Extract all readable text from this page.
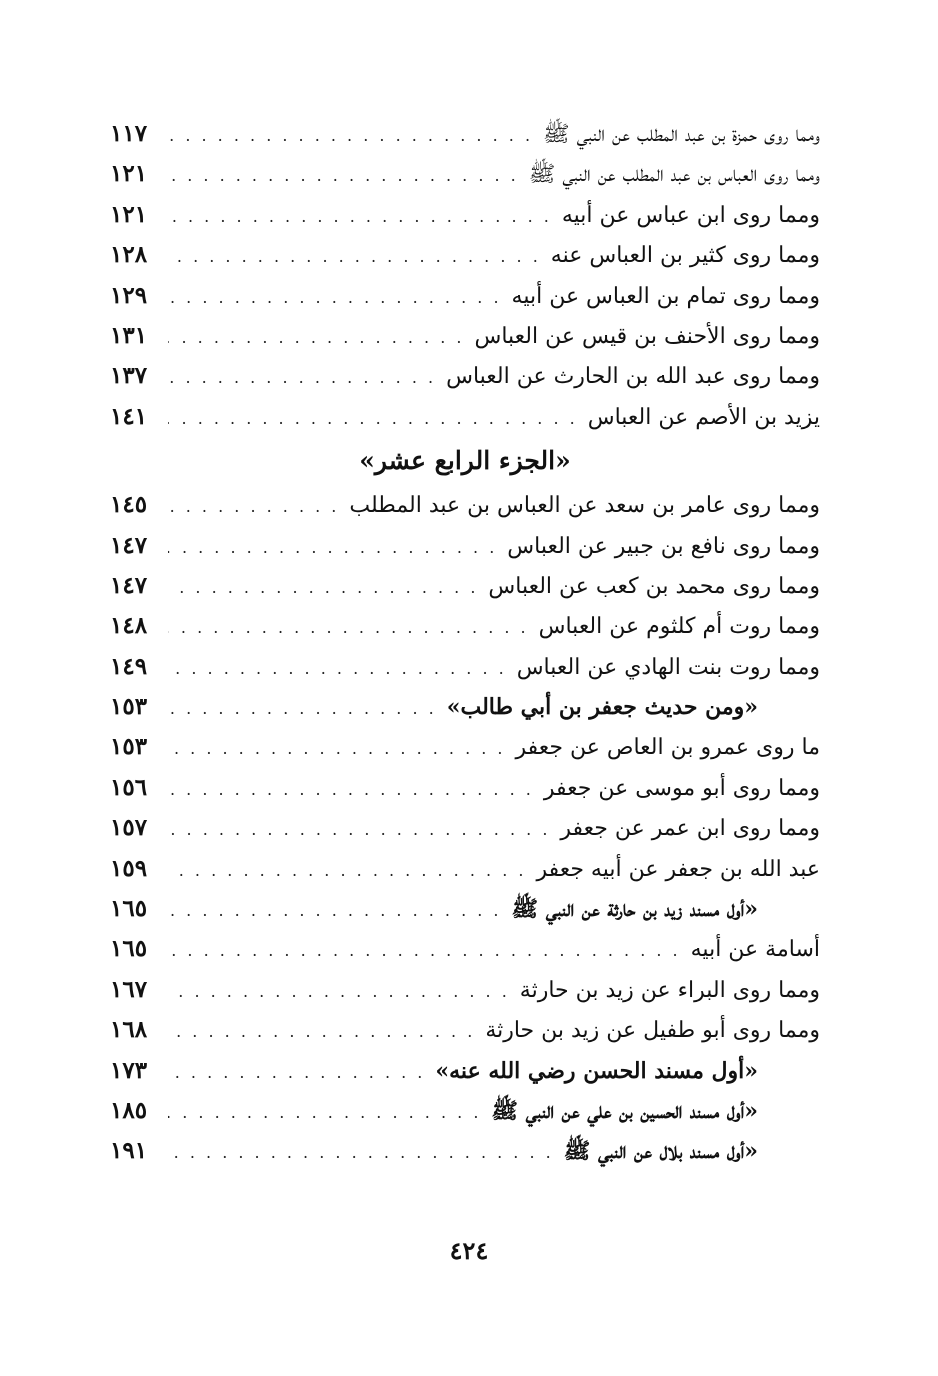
ومما روى حمزة بن عبد المطلب عن النبي ﷺ
. . .
١١٧
ومما روى العباس بن عبد المطلب عن النبي ﷺ
. . .
١٢١
ومما روى ابن عباس عن أبيه
. . .
١٢١
ومما روى كثير بن العباس عنه
. . .
١٢٨
ومما روى تمام بن العباس عن أبيه
. . .
١٢٩
ومما روى الأحنف بن قيس عن العباس
. . .
١٣١
ومما روى عبد الله بن الحارث عن العباس
. . .
١٣٧
يزيد بن الأصم عن العباس
. . .
١٤١
«الجزء الرابع عشر»
ومما روى عامر بن سعد عن العباس بن عبد المطلب
. . .
١٤٥
ومما روى نافع بن جبير عن العباس
. . .
١٤٧
ومما روى محمد بن كعب عن العباس
. . .
١٤٧
ومما روت أم كلثوم عن العباس
. . .
١٤٨
ومما روت بنت الهادي عن العباس
. . .
١٤٩
«ومن حديث جعفر بن أبي طالب»
. . .
١٥٣
ما روى عمرو بن العاص عن جعفر
. . .
١٥٣
ومما روى أبو موسى عن جعفر
. . .
١٥٦
ومما روى ابن عمر عن جعفر
. . .
١٥٧
عبد الله بن جعفر عن أبيه جعفر
. . .
١٥٩
«أول مسند زيد بن حارثة عن النبي ﷺ
. . .
١٦٥
أسامة عن أبيه
. . .
١٦٥
ومما روى البراء عن زيد بن حارثة
. . .
١٦٧
ومما روى أبو طفيل عن زيد بن حارثة
. . .
١٦٨
«أول مسند الحسن رضي الله عنه»
. . .
١٧٣
«أول مسند الحسين بن علي عن النبي ﷺ
. . .
١٨٥
«أول مسند بلال عن النبي ﷺ
. . .
١٩١
٤٢٤
